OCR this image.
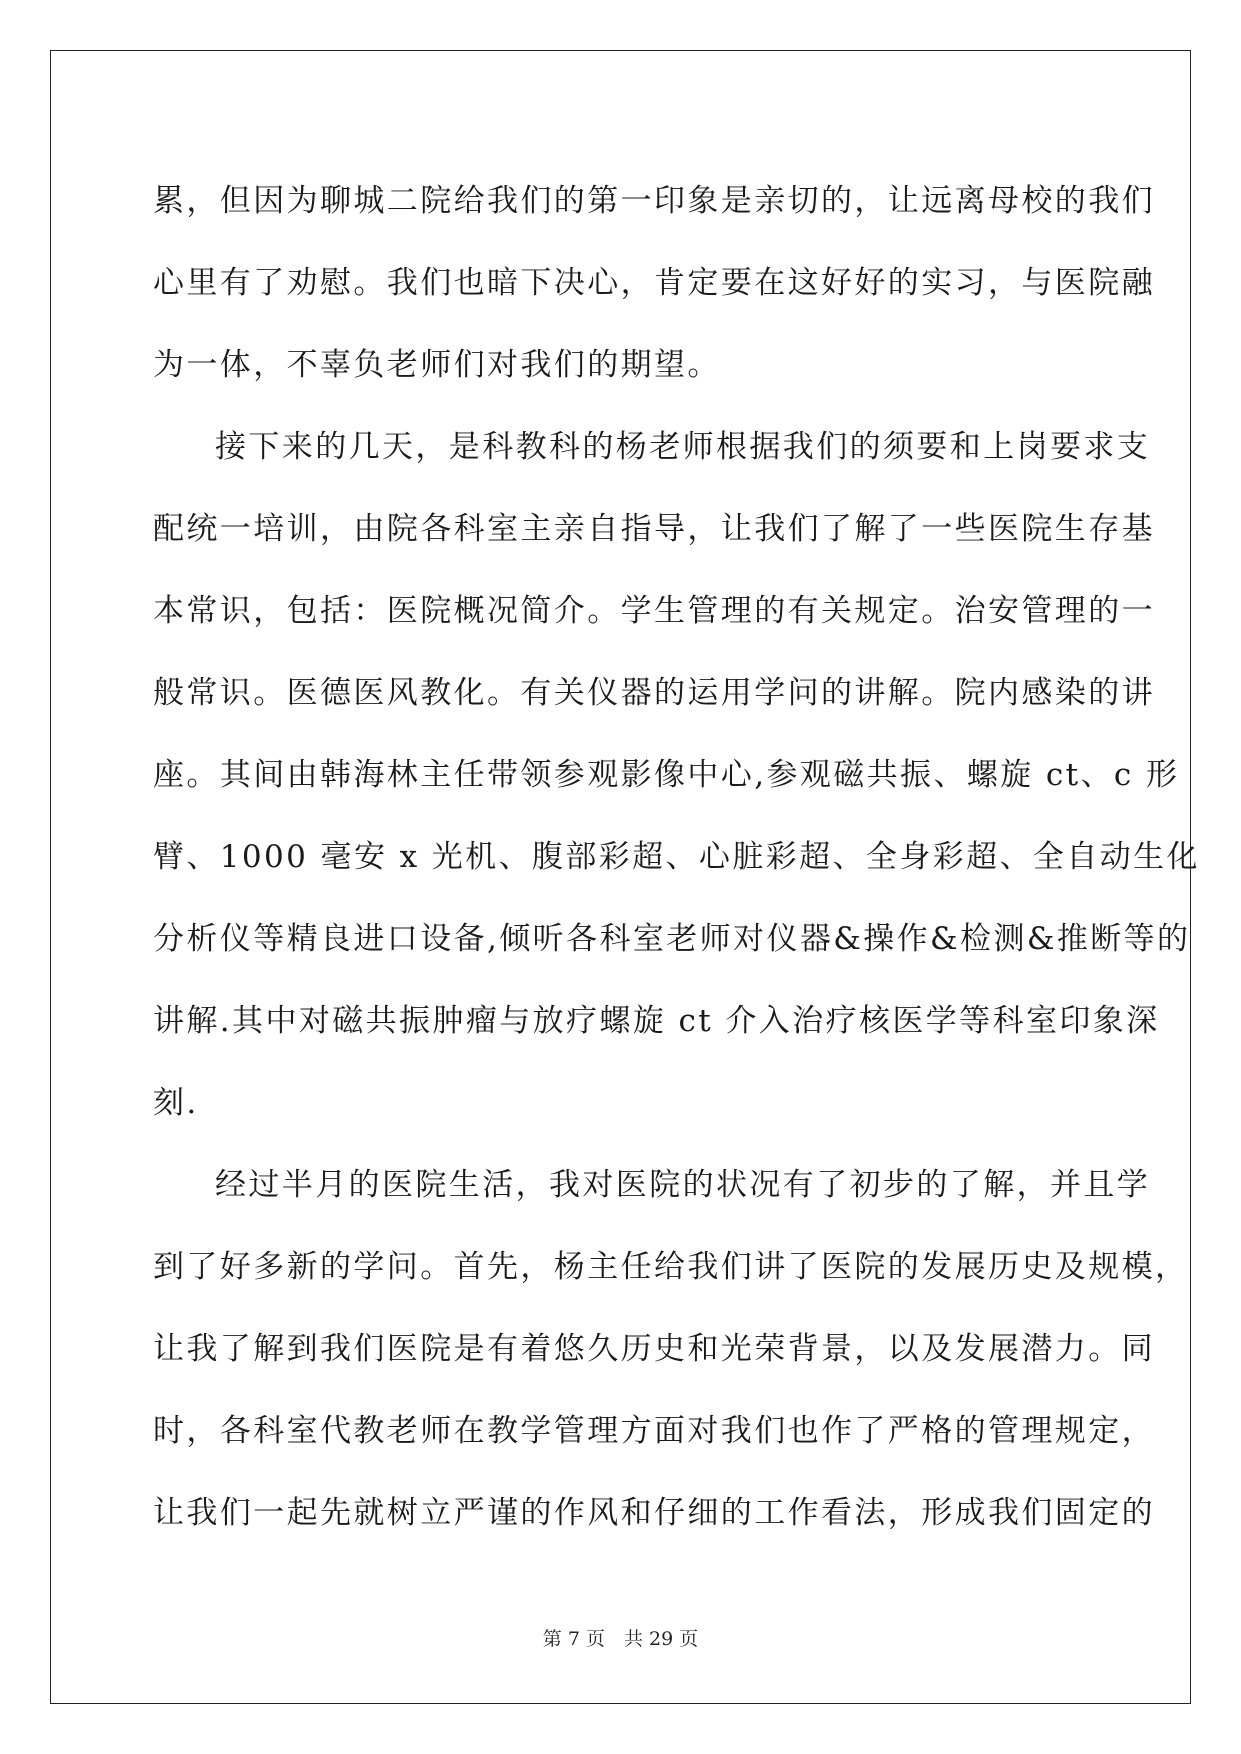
累，但因为聊城二院给我们的第一印象是亲切的，让远离母校的我们
心里有了劝慰。我们也暗下决心，肯定要在这好好的实习，与医院融
为一体，不辜负老师们对我们的期望。
接下来的几天，是科教科的杨老师根据我们的须要和上岗要求支
配统一培训，由院各科室主亲自指导，让我们了解了一些医院生存基
本常识，包括：医院概况简介。学生管理的有关规定。治安管理的一
般常识。医德医风教化。有关仪器的运用学问的讲解。院内感染的讲
座。其间由韩海林主任带领参观影像中心,参观磁共振、螺旋 ct、c 形
臂、1000 毫安 x 光机、腹部彩超、心脏彩超、全身彩超、全自动生化
分析仪等精良进口设备,倾听各科室老师对仪器&操作&检测&推断等的
讲解.其中对磁共振肿瘤与放疗螺旋 ct 介入治疗核医学等科室印象深
刻.
经过半月的医院生活，我对医院的状况有了初步的了解，并且学
到了好多新的学问。首先，杨主任给我们讲了医院的发展历史及规模，
让我了解到我们医院是有着悠久历史和光荣背景，以及发展潜力。同
时，各科室代教老师在教学管理方面对我们也作了严格的管理规定，
让我们一起先就树立严谨的作风和仔细的工作看法，形成我们固定的
第 7 页　共 29 页
